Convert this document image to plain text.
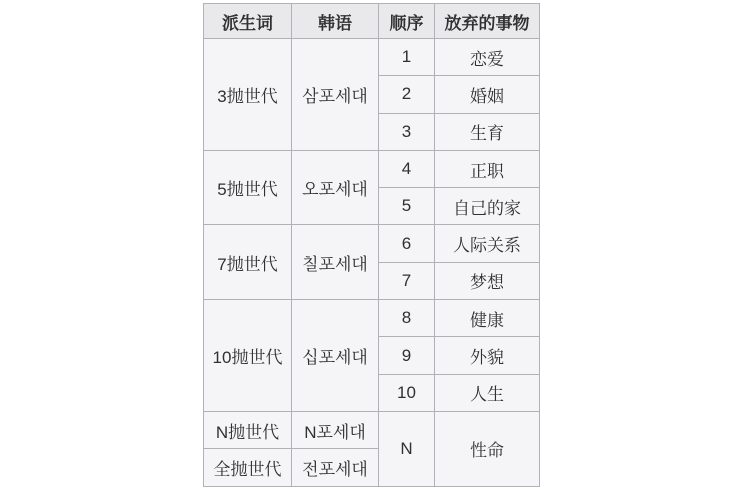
派生词	韩语	顺序	放弃的事物
3抛世代	삼포세대	1	恋爱
		2	婚姻
		3	生育
5抛世代	오포세대	4	正职
		5	自己的家
7抛世代	칠포세대	6	人际关系
		7	梦想
10抛世代	십포세대	8	健康
		9	外貌
		10	人生
N抛世代	N포세대	N	性命
全抛世代	전포세대		
